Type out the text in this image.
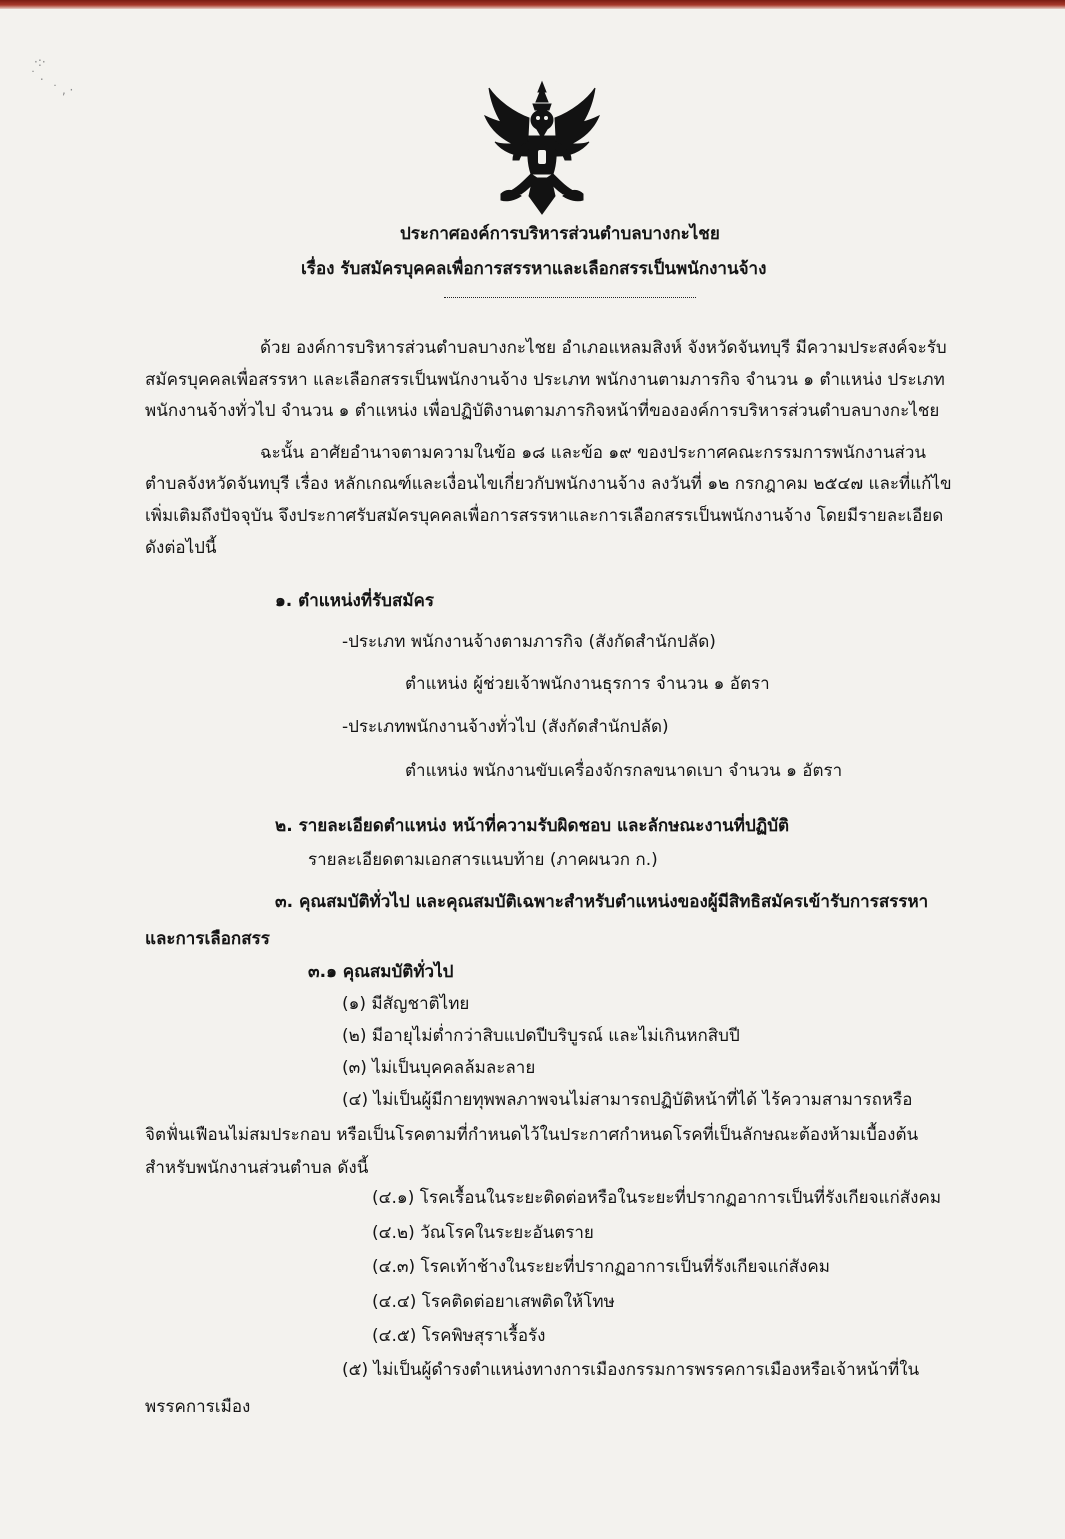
·:·
˙ .
˙ ‚ ·
ประกาศองค์การบริหารส่วนตำบลบางกะไชย
เรื่อง รับสมัครบุคคลเพื่อการสรรหาและเลือกสรรเป็นพนักงานจ้าง
ด้วย องค์การบริหารส่วนตำบลบางกะไชย อำเภอแหลมสิงห์ จังหวัดจันทบุรี มีความประสงค์จะรับ
สมัครบุคคลเพื่อสรรหา และเลือกสรรเป็นพนักงานจ้าง ประเภท พนักงานตามภารกิจ จำนวน ๑ ตำแหน่ง ประเภท
พนักงานจ้างทั่วไป จำนวน ๑ ตำแหน่ง เพื่อปฏิบัติงานตามภารกิจหน้าที่ขององค์การบริหารส่วนตำบลบางกะไชย
ฉะนั้น อาศัยอำนาจตามความในข้อ ๑๘ และข้อ ๑๙ ของประกาศคณะกรรมการพนักงานส่วน
ตำบลจังหวัดจันทบุรี เรื่อง หลักเกณฑ์และเงื่อนไขเกี่ยวกับพนักงานจ้าง ลงวันที่ ๑๒ กรกฎาคม ๒๕๔๗ และที่แก้ไข
เพิ่มเติมถึงปัจจุบัน จึงประกาศรับสมัครบุคคลเพื่อการสรรหาและการเลือกสรรเป็นพนักงานจ้าง โดยมีรายละเอียด
ดังต่อไปนี้
๑. ตำแหน่งที่รับสมัคร
-ประเภท พนักงานจ้างตามภารกิจ (สังกัดสำนักปลัด)
ตำแหน่ง ผู้ช่วยเจ้าพนักงานธุรการ จำนวน ๑ อัตรา
-ประเภทพนักงานจ้างทั่วไป (สังกัดสำนักปลัด)
ตำแหน่ง พนักงานขับเครื่องจักรกลขนาดเบา จำนวน ๑ อัตรา
๒. รายละเอียดตำแหน่ง หน้าที่ความรับผิดชอบ และลักษณะงานที่ปฏิบัติ
รายละเอียดตามเอกสารแนบท้าย (ภาคผนวก ก.)
๓. คุณสมบัติทั่วไป และคุณสมบัติเฉพาะสำหรับตำแหน่งของผู้มีสิทธิสมัครเข้ารับการสรรหา
และการเลือกสรร
๓.๑ คุณสมบัติทั่วไป
(๑) มีสัญชาติไทย
(๒) มีอายุไม่ต่ำกว่าสิบแปดปีบริบูรณ์ และไม่เกินหกสิบปี
(๓) ไม่เป็นบุคคลล้มละลาย
(๔) ไม่เป็นผู้มีกายทุพพลภาพจนไม่สามารถปฏิบัติหน้าที่ได้ ไร้ความสามารถหรือ
จิตฟั่นเฟือนไม่สมประกอบ หรือเป็นโรคตามที่กำหนดไว้ในประกาศกำหนดโรคที่เป็นลักษณะต้องห้ามเบื้องต้น
สำหรับพนักงานส่วนตำบล ดังนี้
(๔.๑) โรคเรื้อนในระยะติดต่อหรือในระยะที่ปรากฏอาการเป็นที่รังเกียจแก่สังคม
(๔.๒) วัณโรคในระยะอันตราย
(๔.๓) โรคเท้าช้างในระยะที่ปรากฏอาการเป็นที่รังเกียจแก่สังคม
(๔.๔) โรคติดต่อยาเสพติดให้โทษ
(๔.๕) โรคพิษสุราเรื้อรัง
(๕) ไม่เป็นผู้ดำรงตำแหน่งทางการเมืองกรรมการพรรคการเมืองหรือเจ้าหน้าที่ใน
พรรคการเมือง
